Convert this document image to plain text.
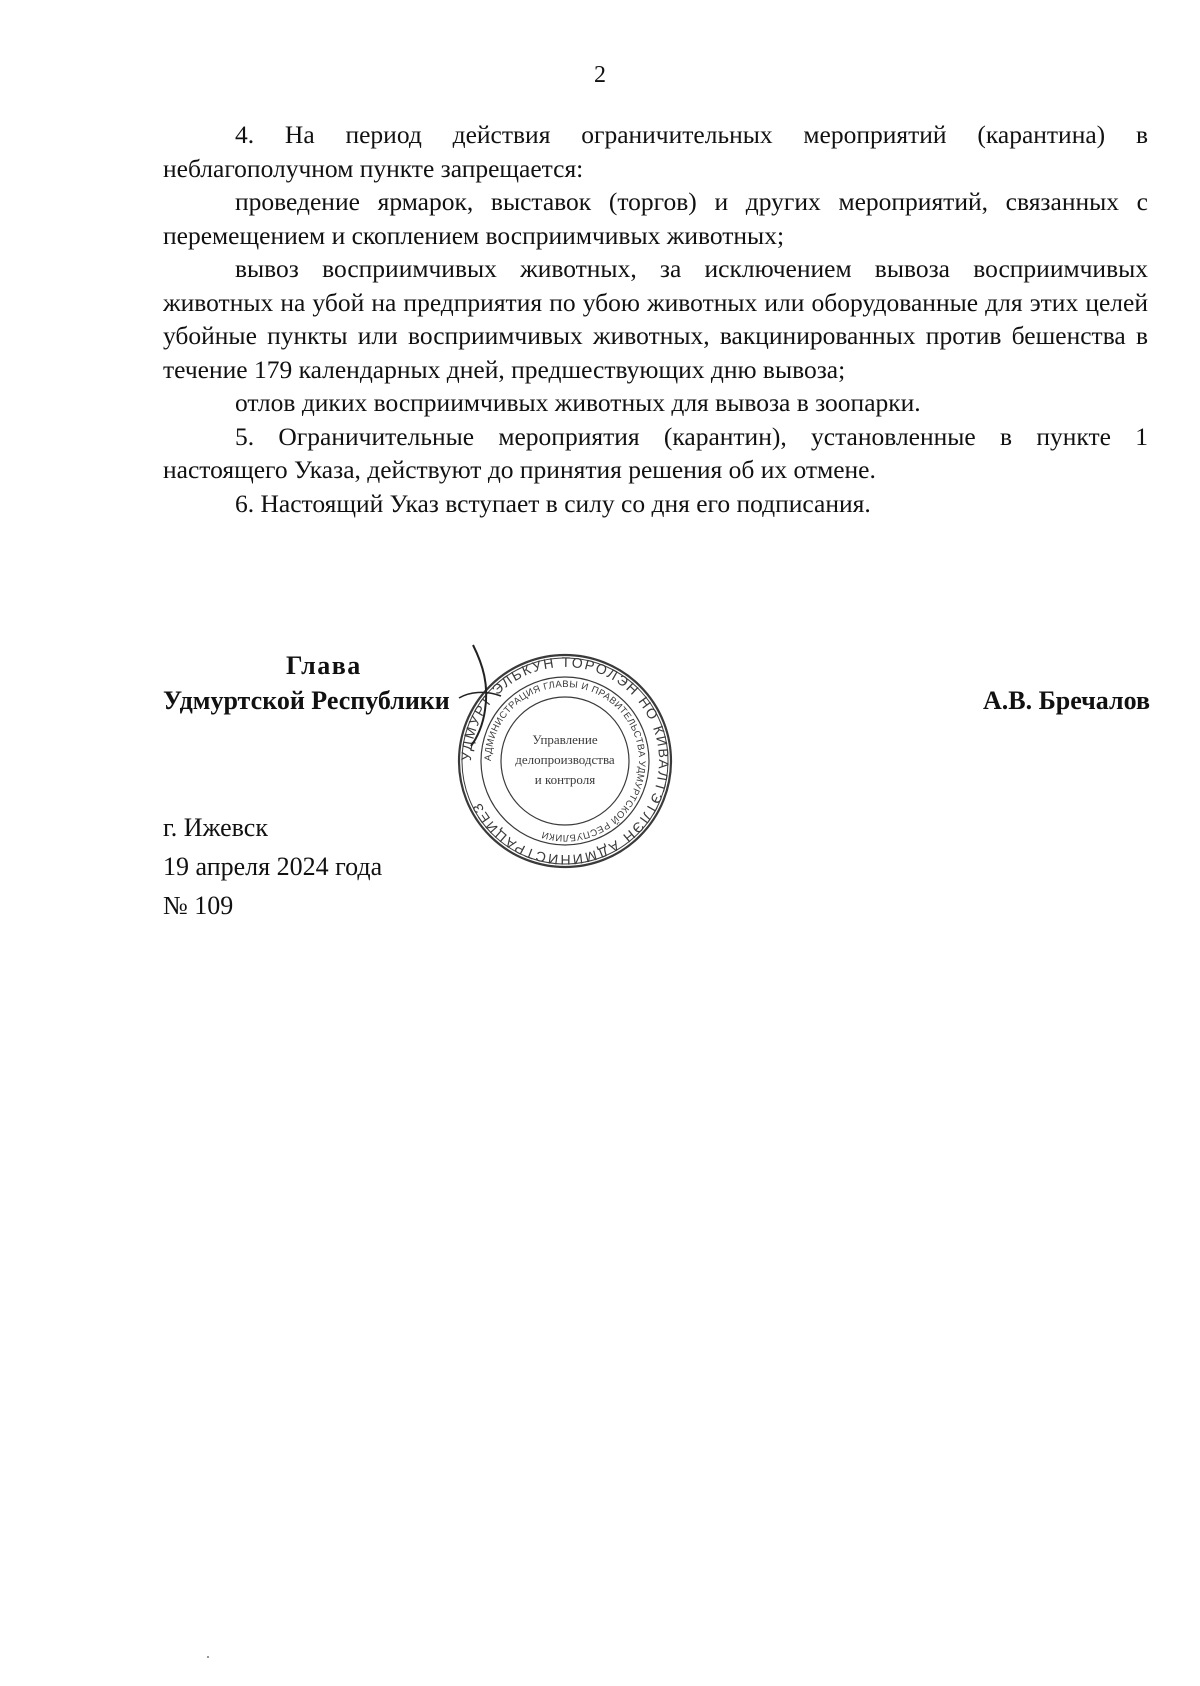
2

4. На период действия ограничительных мероприятий (карантина) в неблагополучном пункте запрещается:

проведение ярмарок, выставок (торгов) и других мероприятий, связанных с перемещением и скоплением восприимчивых животных;

вывоз восприимчивых животных, за исключением вывоза восприимчивых животных на убой на предприятия по убою животных или оборудованные для этих целей убойные пункты или восприимчивых животных, вакцинированных против бешенства в течение 179 календарных дней, предшествующих дню вывоза;

отлов диких восприимчивых животных для вывоза в зоопарки.

5. Ограничительные мероприятия (карантин), установленные в пункте 1 настоящего Указа, действуют до принятия решения об их отмене.

6. Настоящий Указ вступает в силу со дня его подписания.

Глава
Удмуртской Республики	А.В. Бречалов
УДМУРТ ЭЛЬКУН ТОРОЛЭН НО КИВАЛТЭТЛЭН АДМИНИСТРАЦИЕЗ
АДМИНИСТРАЦИЯ ГЛАВЫ И ПРАВИТЕЛЬСТВА УДМУРТСКОЙ РЕСПУБЛИКИ
Управление
делопроизводства
и контроля
г. Ижевск
19 апреля 2024 года
№ 109
